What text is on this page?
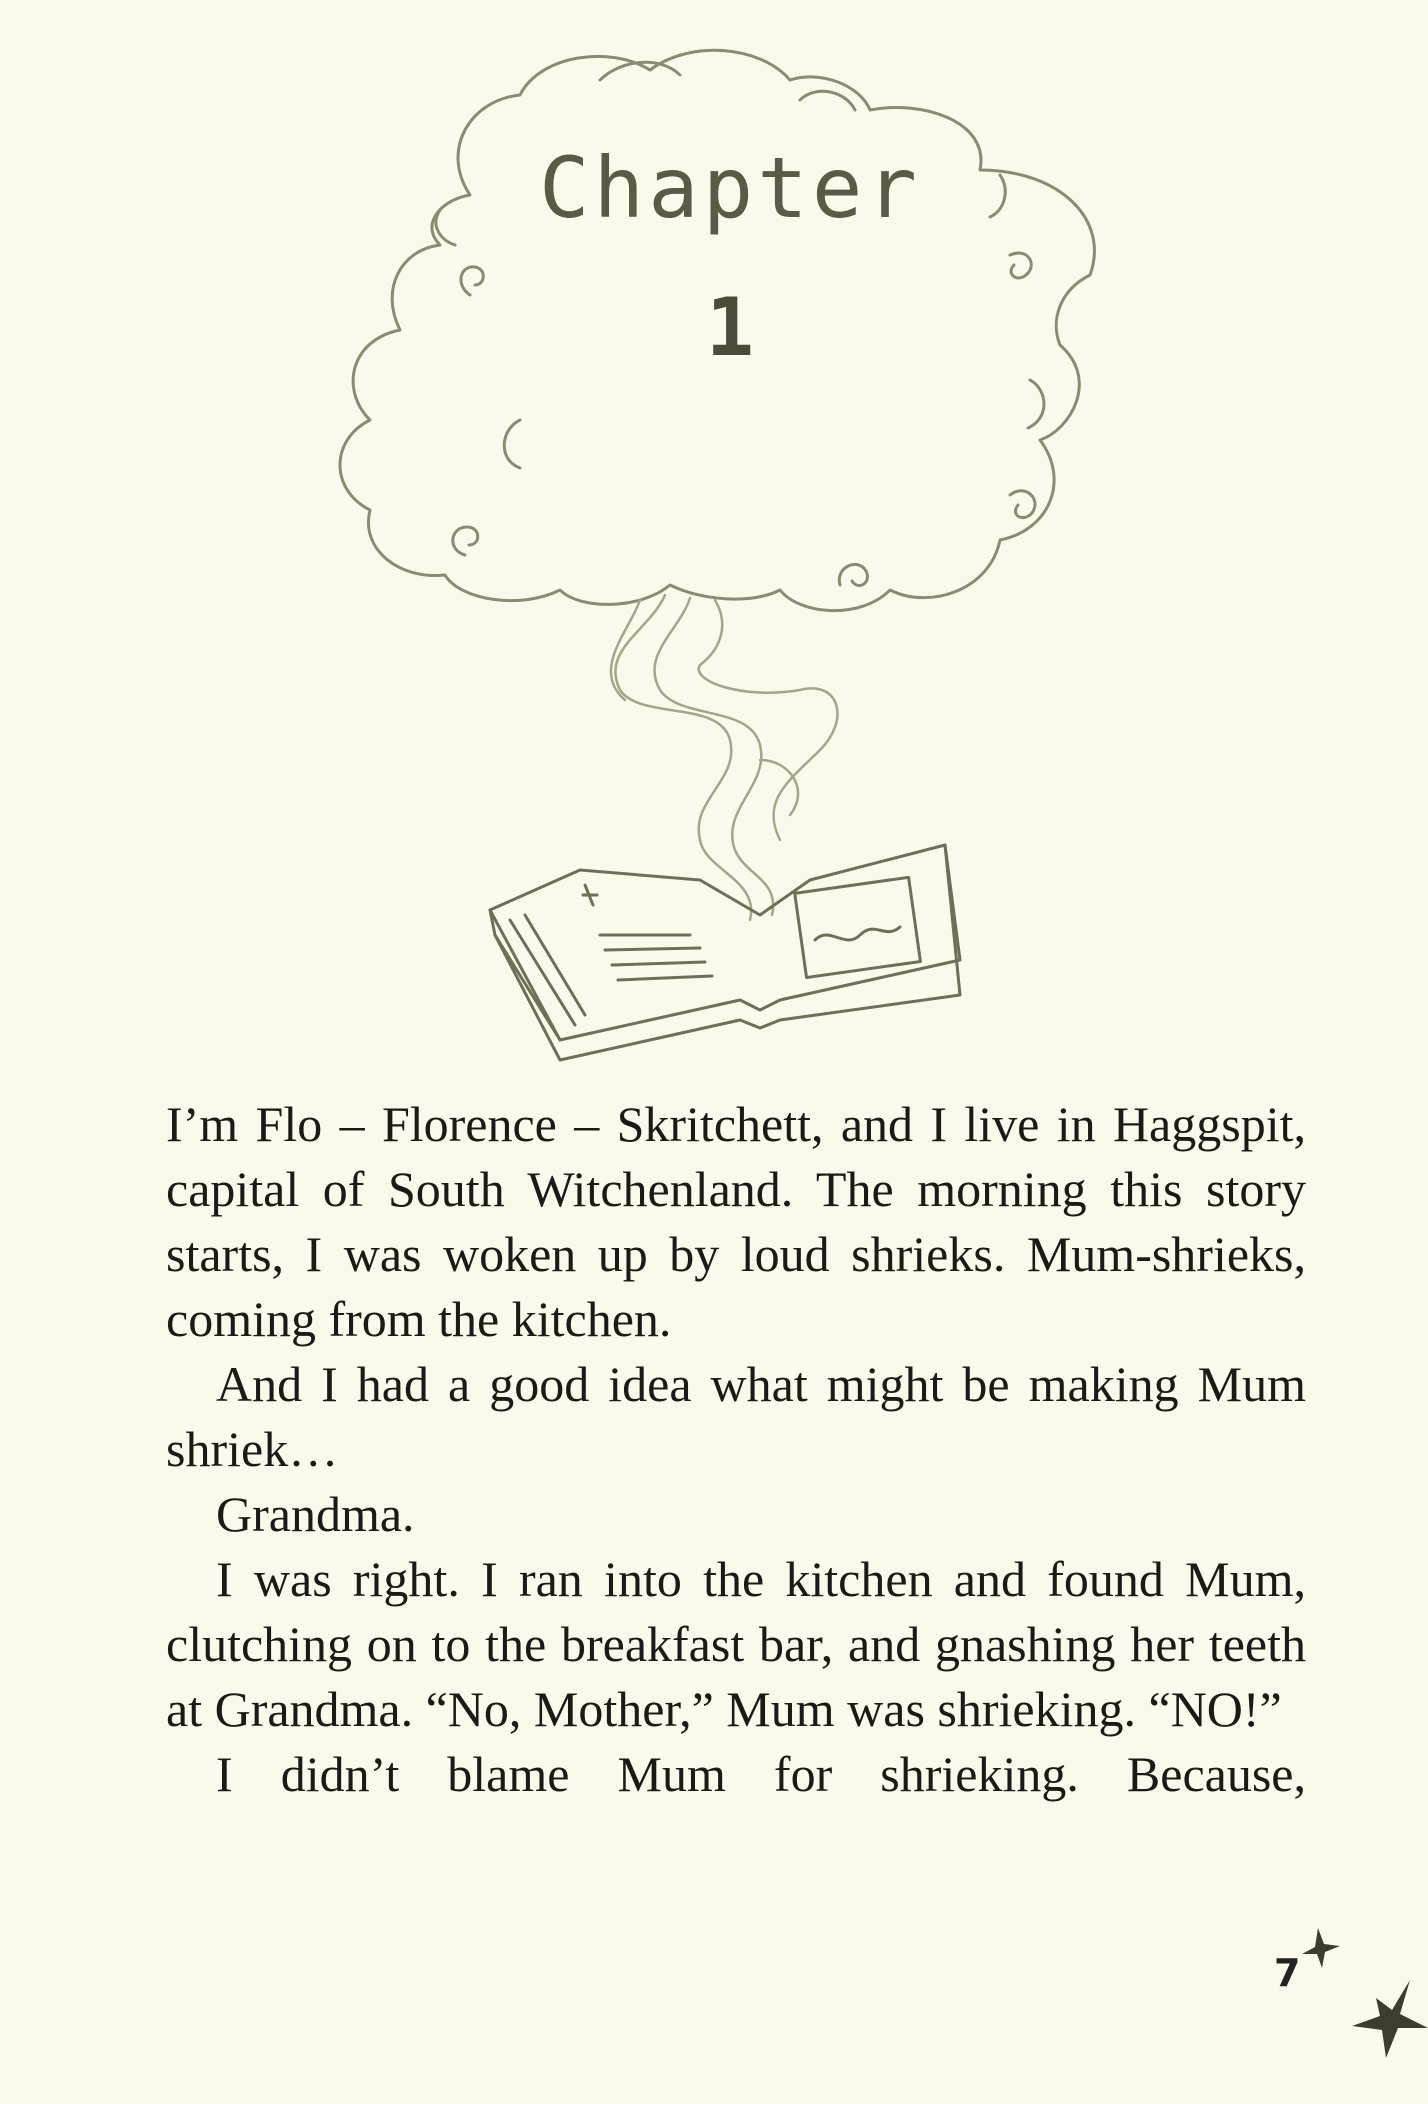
Chapter
1

I’m Flo – Florence – Skritchett, and I live in Haggspit, capital of South Witchenland. The morning this story starts, I was woken up by loud shrieks. Mum-shrieks, coming from the kitchen.

And I had a good idea what might be making Mum shriek…

Grandma.

I was right. I ran into the kitchen and found Mum, clutching on to the breakfast bar, and gnashing her teeth at Grandma. “No, Mother,” Mum was shrieking. “NO!”

I didn’t blame Mum for shrieking. Because,

7
